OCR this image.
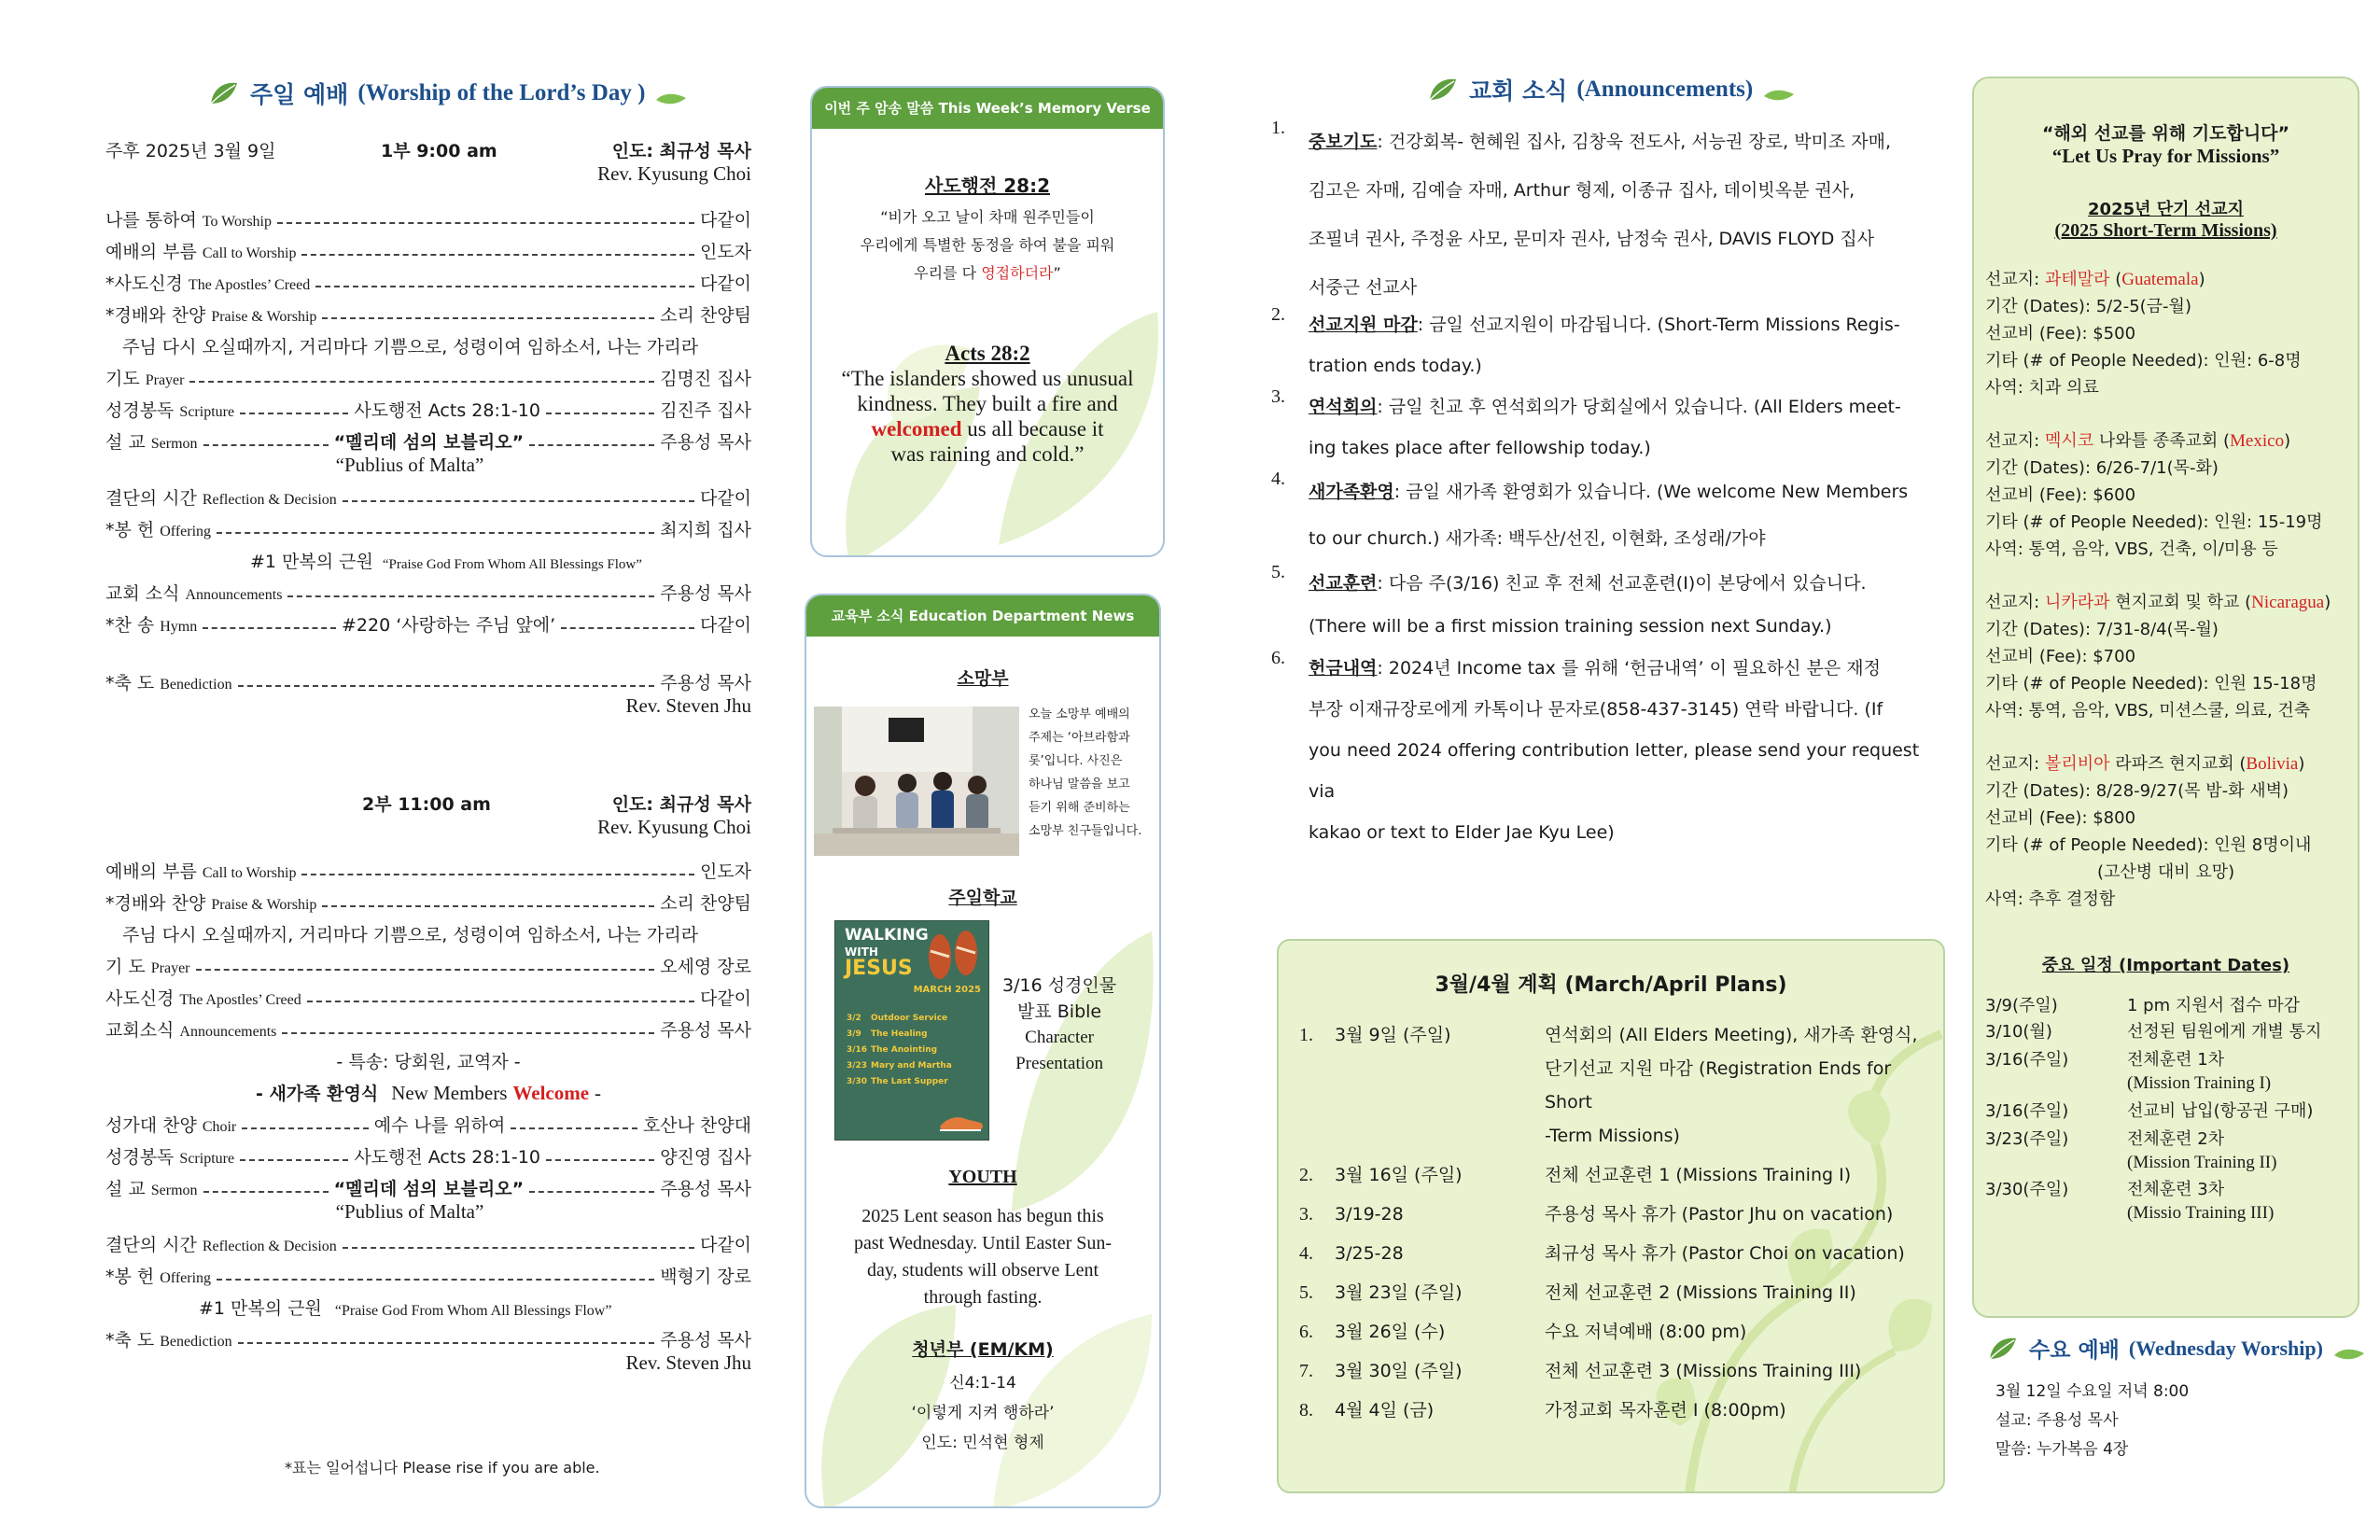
주일 예배 (Worship of the Lord’s Day )
주후 2025년 3월 9일	1부 9:00 am	인도: 최규성 목사
Rev. Kyusung Choi
나를 통하여 To Worship	다같이
예배의 부름 Call to Worship	인도자
*사도신경 The Apostles’ Creed	다같이
*경배와 찬양 Praise & Worship	소리 찬양팀
주님 다시 오실때까지, 거리마다 기쁨으로, 성령이여 임하소서, 나는 가리라
기도 Prayer	김명진 집사
성경봉독 Scripture	사도행전 Acts 28:1-10	김진주 집사
설 교 Sermon	“멜리데 섬의 보블리오”	주용성 목사
“Publius of Malta”
결단의 시간 Reflection & Decision	다같이
*봉 헌 Offering	최지희 집사
#1 만복의 근원 “Praise God From Whom All Blessings Flow”
교회 소식 Announcements	주용성 목사
*찬 송 Hymn	#220 ‘사랑하는 주님 앞에’	다같이
*축 도 Benediction	주용성 목사
Rev. Steven Jhu
2부 11:00 am	인도: 최규성 목사
Rev. Kyusung Choi
예배의 부름 Call to Worship	인도자
*경배와 찬양 Praise & Worship	소리 찬양팀
주님 다시 오실때까지, 거리마다 기쁨으로, 성령이여 임하소서, 나는 가리라
기 도 Prayer	오세영 장로
사도신경 The Apostles’ Creed	다같이
교회소식 Announcements	주용성 목사
- 특송: 당회원, 교역자 -
- 새가족 환영식 New Members Welcome -
성가대 찬양 Choir	예수 나를 위하여	호산나 찬양대
성경봉독 Scripture	사도행전 Acts 28:1-10	양진영 집사
설 교 Sermon	“멜리데 섬의 보블리오”	주용성 목사
“Publius of Malta”
결단의 시간 Reflection & Decision	다같이
*봉 헌 Offering	백형기 장로
#1 만복의 근원 “Praise God From Whom All Blessings Flow”
*축 도 Benediction	주용성 목사
Rev. Steven Jhu
*표는 일어섭니다 Please rise if you are able.
이번 주 암송 말씀 This Week’s Memory Verse
사도행전 28:2
“비가 오고 날이 차매 원주민들이
우리에게 특별한 동정을 하여 불을 피워
우리를 다 영접하더라”
Acts 28:2
“The islanders showed us unusual
kindness. They built a fire and
welcomed us all because it
was raining and cold.”
교육부 소식 Education Department News
소망부
오늘 소망부 예배의
주제는 ‘아브라함과
롯’입니다. 사진은
하나님 말씀을 보고
듣기 위해 준비하는
소망부 친구들입니다.
주일학교
WALKING
WITH
JESUS
MARCH 2025
3/2 Outdoor Service
3/9 The Healing
3/16 The Anointing
3/23 Mary and Martha
3/30 The Last Supper
3/16 성경인물
발표 Bible
Character
Presentation
YOUTH
2025 Lent season has begun this
past Wednesday. Until Easter Sun-
day, students will observe Lent
through fasting.
청년부 (EM/KM)
신4:1-14
‘이렇게 지켜 행하라’
인도: 민석현 형제
교회 소식 (Announcements)
1.
중보기도: 건강회복- 현혜원 집사, 김창욱 전도사, 서능권 장로, 박미조 자매,
김고은 자매, 김예슬 자매, Arthur 형제, 이종규 집사, 데이빗옥분 권사,
조필녀 권사, 주정윤 사모, 문미자 권사, 남정숙 권사, DAVIS FLOYD 집사
서중근 선교사
2.	선교지원 마감: 금일 선교지원이 마감됩니다. (Short-Term Missions Regis-
tration ends today.)
3.	연석회의: 금일 친교 후 연석회의가 당회실에서 있습니다. (All Elders meet-
ing takes place after fellowship today.)
4.
새가족환영: 금일 새가족 환영회가 있습니다. (We welcome New Members
to our church.) 새가족: 백두산/선진, 이현화, 조성래/가야
5.
선교훈련: 다음 주(3/16) 친교 후 전체 선교훈련(I)이 본당에서 있습니다.
(There will be a first mission training session next Sunday.)
6.	헌금내역: 2024년 Income tax 를 위해 ‘헌금내역’ 이 필요하신 분은 재정
부장 이재규장로에게 카톡이나 문자로(858-437-3145) 연락 바랍니다. (If
you need 2024 offering contribution letter, please send your request via
kakao or text to Elder Jae Kyu Lee)
3월/4월 계획 (March/April Plans)
1.	3월 9일 (주일)	연석회의 (All Elders Meeting), 새가족 환영식,
단기선교 지원 마감 (Registration Ends for Short
-Term Missions)
2.	3월 16일 (주일)	전체 선교훈련 1 (Missions Training I)
3.	3/19-28	주용성 목사 휴가 (Pastor Jhu on vacation)
4.	3/25-28	최규성 목사 휴가 (Pastor Choi on vacation)
5.	3월 23일 (주일)	전체 선교훈련 2 (Missions Training II)
6.	3월 26일 (수)	수요 저녁예배 (8:00 pm)
7.	3월 30일 (주일)	전체 선교훈련 3 (Missions Training III)
8.	4월 4일 (금)	가정교회 목자훈련 I (8:00pm)
“해외 선교를 위해 기도합니다”
“Let Us Pray for Missions”
2025년 단기 선교지
(2025 Short-Term Missions)
선교지: 과테말라 (Guatemala)
기간 (Dates): 5/2-5(금-월)
선교비 (Fee): $500
기타 (# of People Needed): 인원: 6-8명
사역: 치과 의료
선교지: 멕시코 나와틀 종족교회 (Mexico)
기간 (Dates): 6/26-7/1(목-화)
선교비 (Fee): $600
기타 (# of People Needed): 인원: 15-19명
사역: 통역, 음악, VBS, 건축, 이/미용 등
선교지: 니카라과 현지교회 및 학교 (Nicaragua)
기간 (Dates): 7/31-8/4(목-월)
선교비 (Fee): $700
기타 (# of People Needed): 인원 15-18명
사역: 통역, 음악, VBS, 미션스쿨, 의료, 건축
선교지: 볼리비아 라파즈 현지교회 (Bolivia)
기간 (Dates): 8/28-9/27(목 밤-화 새벽)
선교비 (Fee): $800
기타 (# of People Needed): 인원 8명이내
(고산병 대비 요망)
사역: 추후 결정함
중요 일정 (Important Dates)
3/9(주일)	1 pm 지원서 접수 마감
3/10(월)	선정된 팀원에게 개별 통지
3/16(주일)	전체훈련 1차
(Mission Training I)
3/16(주일)	선교비 납입(항공권 구매)
3/23(주일)	전체훈련 2차
(Mission Training II)
3/30(주일)	전체훈련 3차
(Missio Training III)
수요 예배 (Wednesday Worship)
3월 12일 수요일 저녁 8:00
설교: 주용성 목사
말씀: 누가복음 4장
